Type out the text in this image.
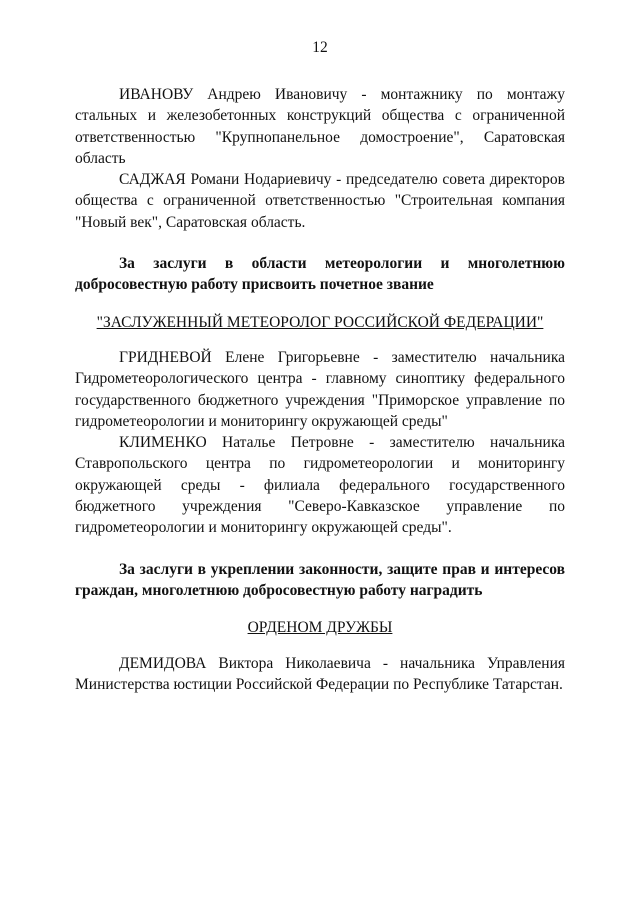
12

ИВАНОВУ Андрею Ивановичу - монтажнику по монтажу стальных и железобетонных конструкций общества с ограниченной ответственностью "Крупнопанельное домостроение", Саратовская область

САДЖАЯ Романи Нодариевичу - председателю совета директоров общества с ограниченной ответственностью "Строительная компания "Новый век", Саратовская область.

За заслуги в области метеорологии и многолетнюю добросовестную работу присвоить почетное звание

"ЗАСЛУЖЕННЫЙ МЕТЕОРОЛОГ РОССИЙСКОЙ ФЕДЕРАЦИИ"

ГРИДНЕВОЙ Елене Григорьевне - заместителю начальника Гидрометеорологического центра - главному синоптику федерального государственного бюджетного учреждения "Приморское управление по гидрометеорологии и мониторингу окружающей среды"

КЛИМЕНКО Наталье Петровне - заместителю начальника Ставропольского центра по гидрометеорологии и мониторингу окружающей среды - филиала федерального государственного бюджетного учреждения "Северо-Кавказское управление по гидрометеорологии и мониторингу окружающей среды".

За заслуги в укреплении законности, защите прав и интересов граждан, многолетнюю добросовестную работу наградить

ОРДЕНОМ ДРУЖБЫ

ДЕМИДОВА Виктора Николаевича - начальника Управления Министерства юстиции Российской Федерации по Республике Татарстан.
